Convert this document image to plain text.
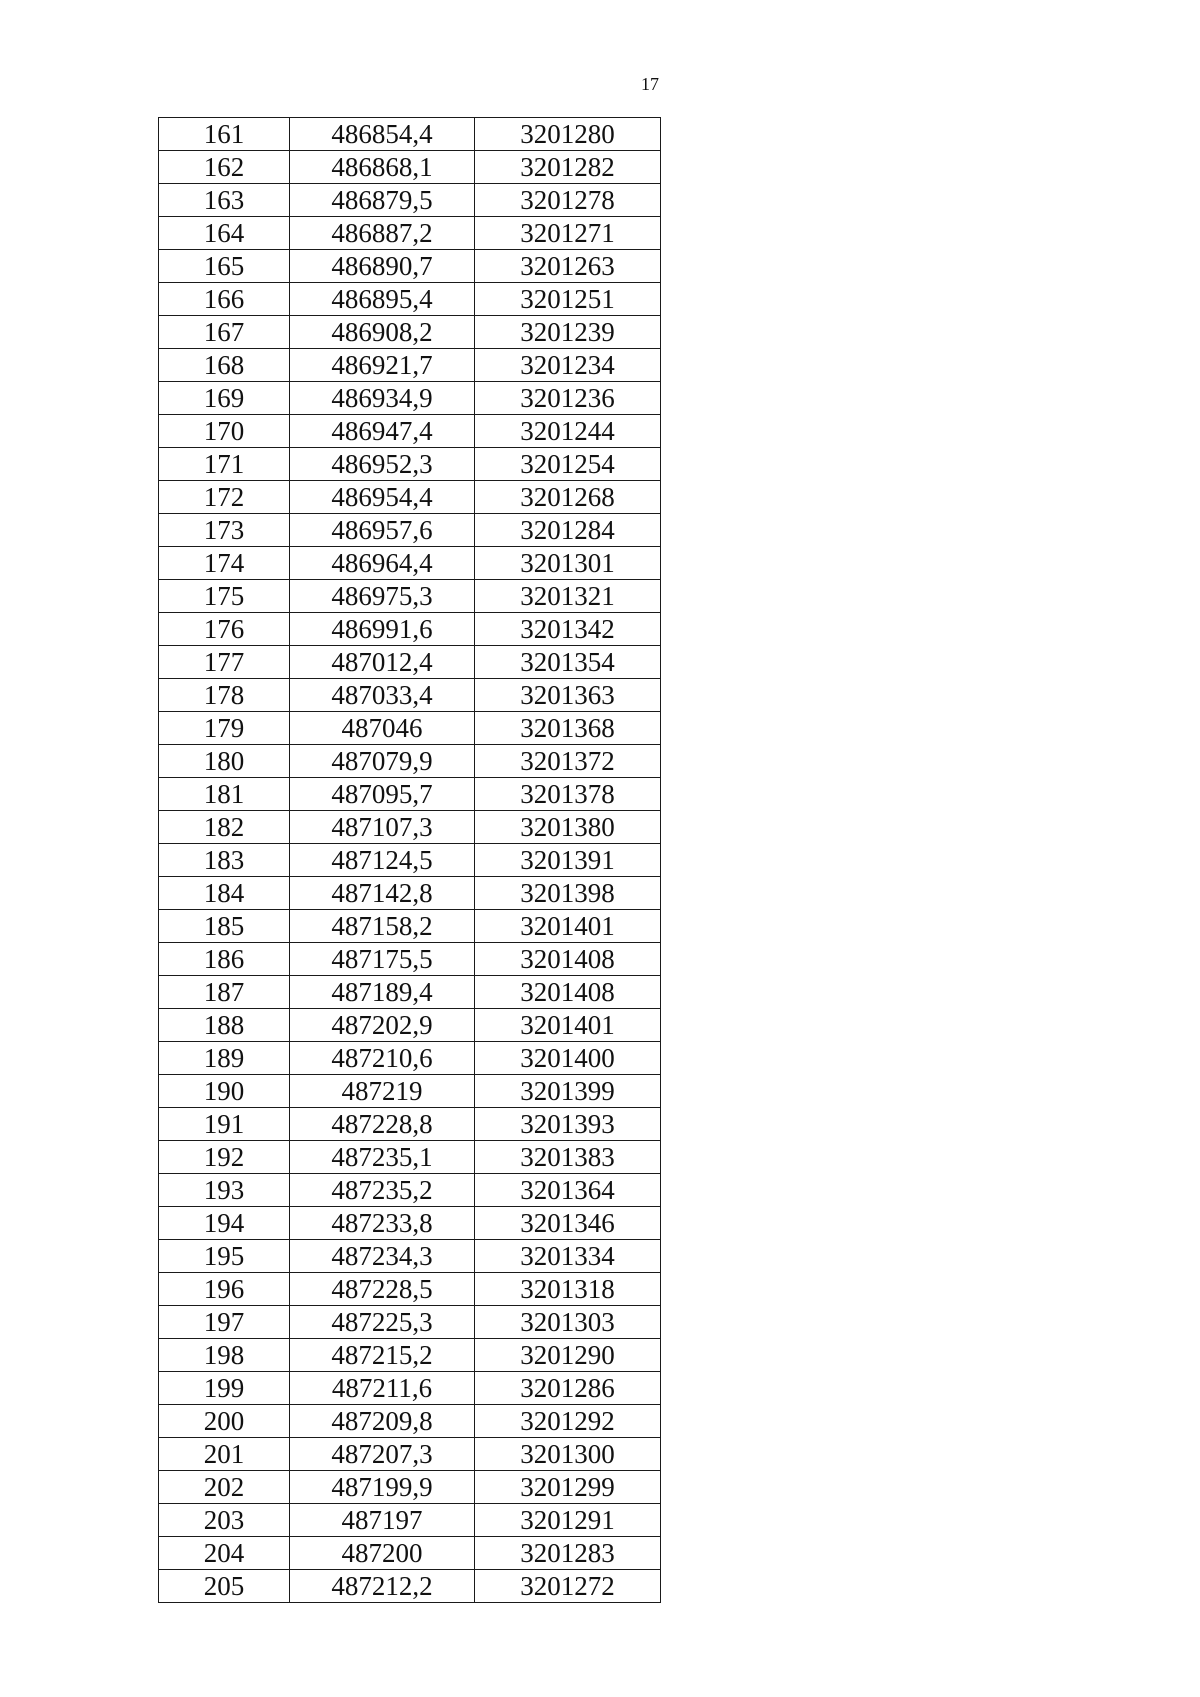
17
161	486854,4	3201280
162	486868,1	3201282
163	486879,5	3201278
164	486887,2	3201271
165	486890,7	3201263
166	486895,4	3201251
167	486908,2	3201239
168	486921,7	3201234
169	486934,9	3201236
170	486947,4	3201244
171	486952,3	3201254
172	486954,4	3201268
173	486957,6	3201284
174	486964,4	3201301
175	486975,3	3201321
176	486991,6	3201342
177	487012,4	3201354
178	487033,4	3201363
179	487046	3201368
180	487079,9	3201372
181	487095,7	3201378
182	487107,3	3201380
183	487124,5	3201391
184	487142,8	3201398
185	487158,2	3201401
186	487175,5	3201408
187	487189,4	3201408
188	487202,9	3201401
189	487210,6	3201400
190	487219	3201399
191	487228,8	3201393
192	487235,1	3201383
193	487235,2	3201364
194	487233,8	3201346
195	487234,3	3201334
196	487228,5	3201318
197	487225,3	3201303
198	487215,2	3201290
199	487211,6	3201286
200	487209,8	3201292
201	487207,3	3201300
202	487199,9	3201299
203	487197	3201291
204	487200	3201283
205	487212,2	3201272
